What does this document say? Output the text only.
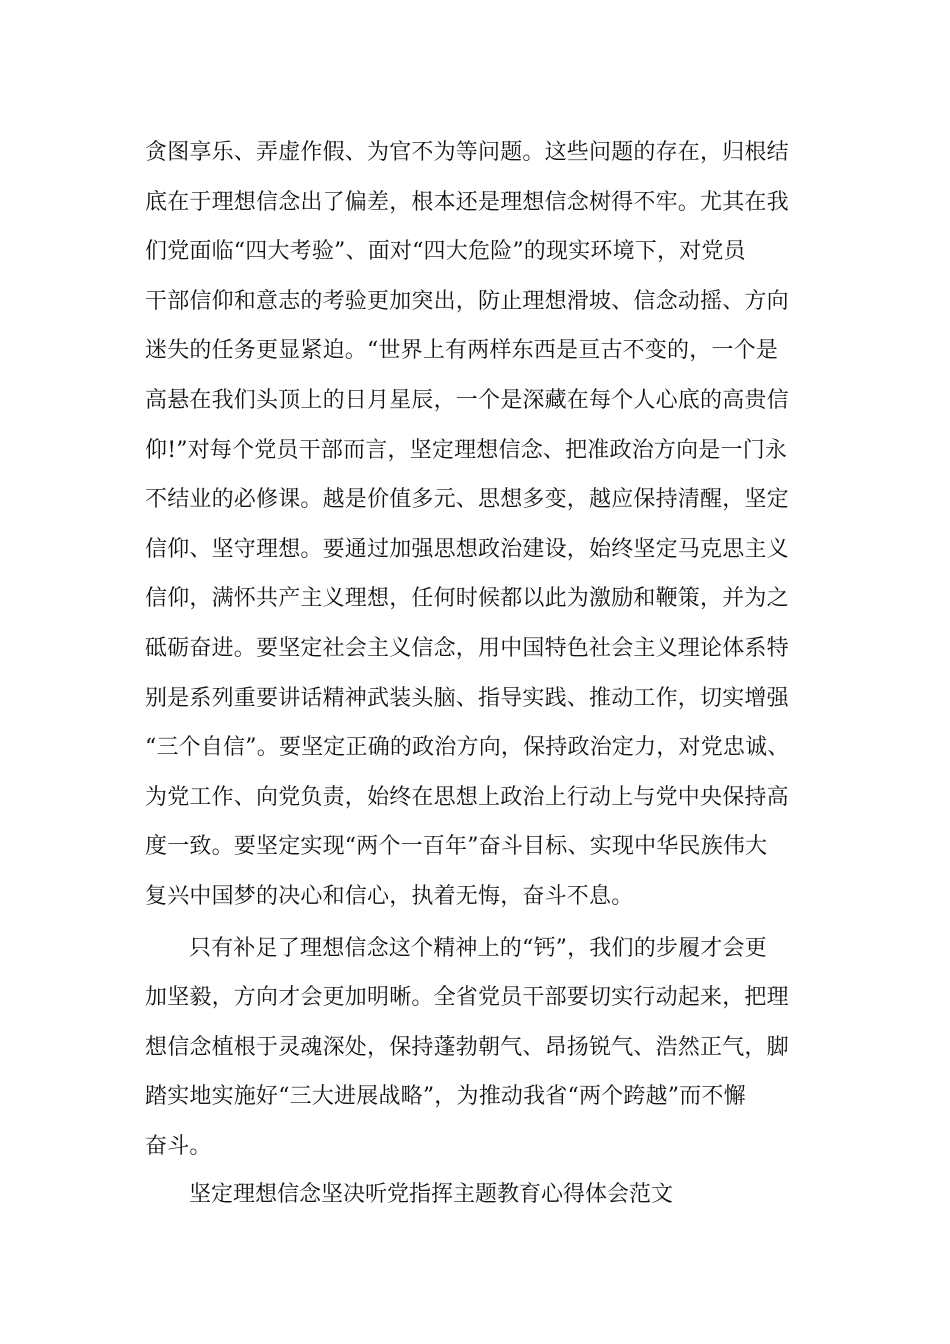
贪图享乐、弄虚作假、为官不为等问题。这些问题的存在，归根结
底在于理想信念出了偏差，根本还是理想信念树得不牢。尤其在我
们党面临“四大考验”、面对“四大危险”的现实环境下，对党员
干部信仰和意志的考验更加突出，防止理想滑坡、信念动摇、方向
迷失的任务更显紧迫。“世界上有两样东西是亘古不变的，一个是
高悬在我们头顶上的日月星辰，一个是深藏在每个人心底的高贵信
仰!”对每个党员干部而言，坚定理想信念、把准政治方向是一门永
不结业的必修课。越是价值多元、思想多变，越应保持清醒，坚定
信仰、坚守理想。要通过加强思想政治建设，始终坚定马克思主义
信仰，满怀共产主义理想，任何时候都以此为激励和鞭策，并为之
砥砺奋进。要坚定社会主义信念，用中国特色社会主义理论体系特
别是系列重要讲话精神武装头脑、指导实践、推动工作，切实增强
“三个自信”。要坚定正确的政治方向，保持政治定力，对党忠诚、
为党工作、向党负责，始终在思想上政治上行动上与党中央保持高
度一致。要坚定实现“两个一百年”奋斗目标、实现中华民族伟大
复兴中国梦的决心和信心，执着无悔，奋斗不息。
只有补足了理想信念这个精神上的“钙”，我们的步履才会更
加坚毅，方向才会更加明晰。全省党员干部要切实行动起来，把理
想信念植根于灵魂深处，保持蓬勃朝气、昂扬锐气、浩然正气，脚
踏实地实施好“三大进展战略”，为推动我省“两个跨越”而不懈
奋斗。
坚定理想信念坚决听党指挥主题教育心得体会范文
